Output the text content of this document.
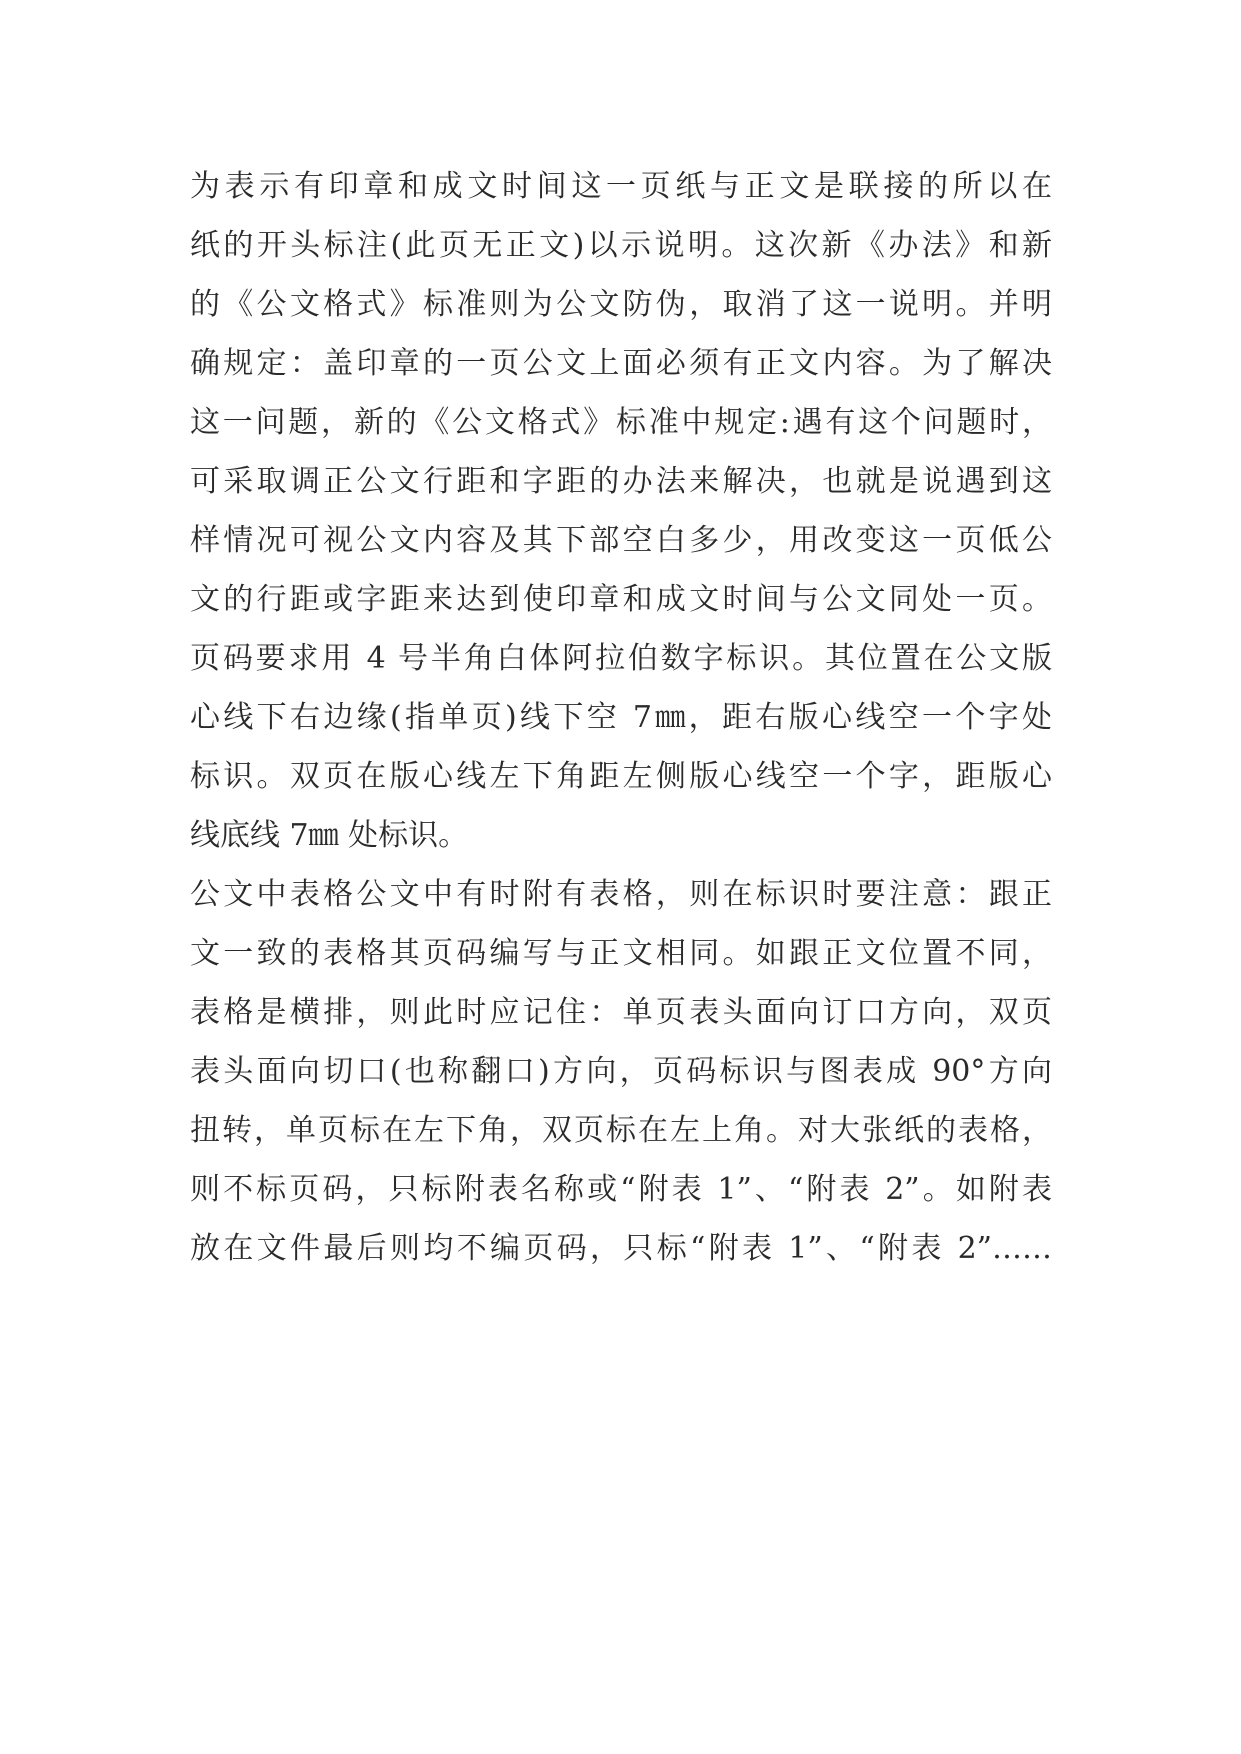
为表示有印章和成文时间这一页纸与正文是联接的所以在
纸的开头标注(此页无正文)以示说明。这次新《办法》和新
的《公文格式》标准则为公文防伪，取消了这一说明。并明
确规定：盖印章的一页公文上面必须有正文内容。为了解决
这一问题，新的《公文格式》标准中规定:遇有这个问题时，
可采取调正公文行距和字距的办法来解决，也就是说遇到这
样情况可视公文内容及其下部空白多少，用改变这一页低公
文的行距或字距来达到使印章和成文时间与公文同处一页。
页码要求用 4 号半角白体阿拉伯数字标识。其位置在公文版
心线下右边缘(指单页)线下空 7㎜，距右版心线空一个字处
标识。双页在版心线左下角距左侧版心线空一个字，距版心
线底线 7㎜ 处标识。
公文中表格公文中有时附有表格，则在标识时要注意：跟正
文一致的表格其页码编写与正文相同。如跟正文位置不同，
表格是横排，则此时应记住：单页表头面向订口方向，双页
表头面向切口(也称翻口)方向，页码标识与图表成 90°方向
扭转，单页标在左下角，双页标在左上角。对大张纸的表格，
则不标页码，只标附表名称或“附表 1”、“附表 2”。如附表
放在文件最后则均不编页码，只标“附表 1”、“附表 2”……
